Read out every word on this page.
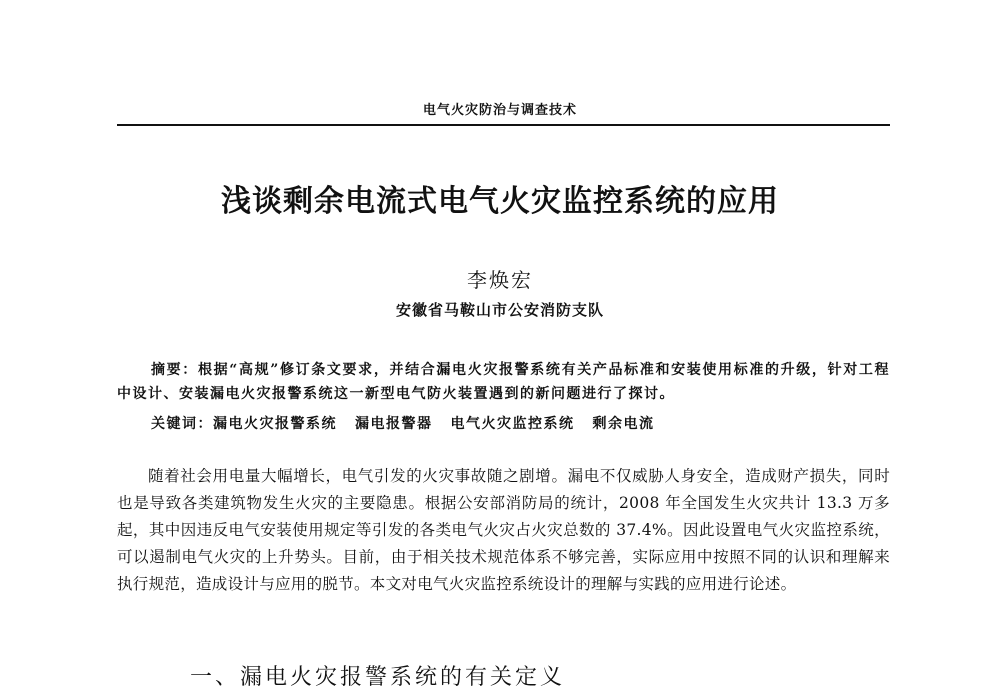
电气火灾防治与调查技术
浅谈剩余电流式电气火灾监控系统的应用
李焕宏
安徽省马鞍山市公安消防支队
摘要：根据“高规”修订条文要求，并结合漏电火灾报警系统有关产品标准和安装使用标准的升级，针对工程中设计、安装漏电火灾报警系统这一新型电气防火装置遇到的新问题进行了探讨。
关键词：漏电火灾报警系统 漏电报警器 电气火灾监控系统 剩余电流
随着社会用电量大幅增长，电气引发的火灾事故随之剧增。漏电不仅威胁人身安全，造成财产损失，同时也是导致各类建筑物发生火灾的主要隐患。根据公安部消防局的统计，2008 年全国发生火灾共计 13.3 万多起，其中因违反电气安装使用规定等引发的各类电气火灾占火灾总数的 37.4%。因此设置电气火灾监控系统，可以遏制电气火灾的上升势头。目前，由于相关技术规范体系不够完善，实际应用中按照不同的认识和理解来执行规范，造成设计与应用的脱节。本文对电气火灾监控系统设计的理解与实践的应用进行论述。
一、漏电火灾报警系统的有关定义
